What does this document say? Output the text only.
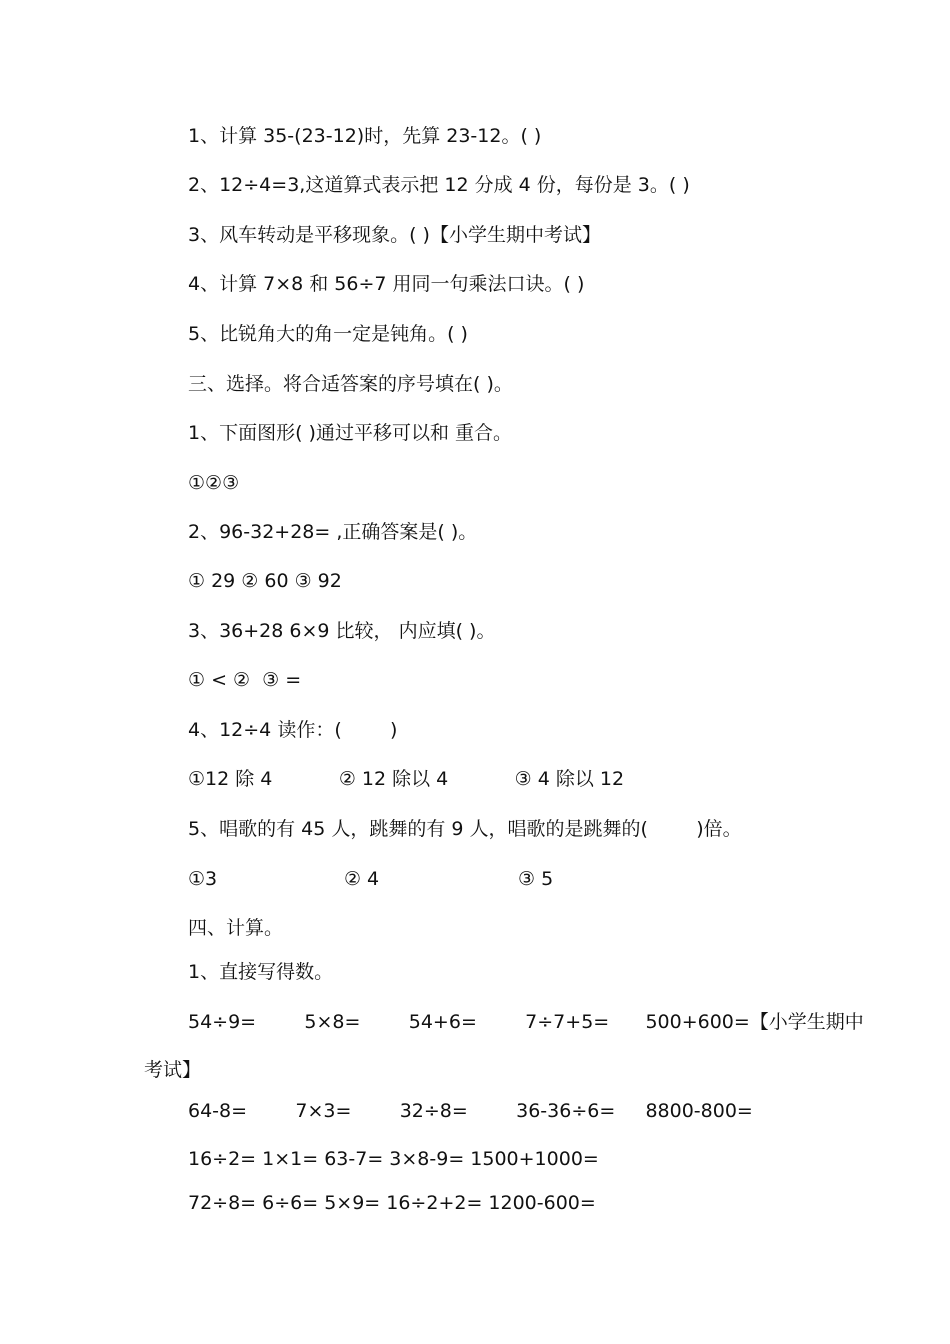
1、计算 35-(23-12)时，先算 23-12。( )
2、12÷4=3,这道算式表示把 12 分成 4 份，每份是 3。( )
3、风车转动是平移现象。( )【小学生期中考试】
4、计算 7×8 和 56÷7 用同一句乘法口诀。( )
5、比锐角大的角一定是钝角。( )
三、选择。将合适答案的序号填在( )。
1、下面图形( )通过平移可以和 重合。
①②③
2、96-32+28= ,正确答案是( )。
① 29 ② 60 ③ 92
3、36+28 6×9 比较， 内应填( )。
① < ②  ③ =
4、12÷4 读作：(        )
①12 除 4           ② 12 除以 4           ③ 4 除以 12
5、唱歌的有 45 人，跳舞的有 9 人，唱歌的是跳舞的(        )倍。
①3                     ② 4                       ③ 5
四、计算。
1、直接写得数。
54÷9=        5×8=        54+6=        7÷7+5=      500+600=【小学生期中
考试】
64-8=        7×3=        32÷8=        36-36÷6=     8800-800=
16÷2= 1×1= 63-7= 3×8-9= 1500+1000=
72÷8= 6÷6= 5×9= 16÷2+2= 1200-600=
